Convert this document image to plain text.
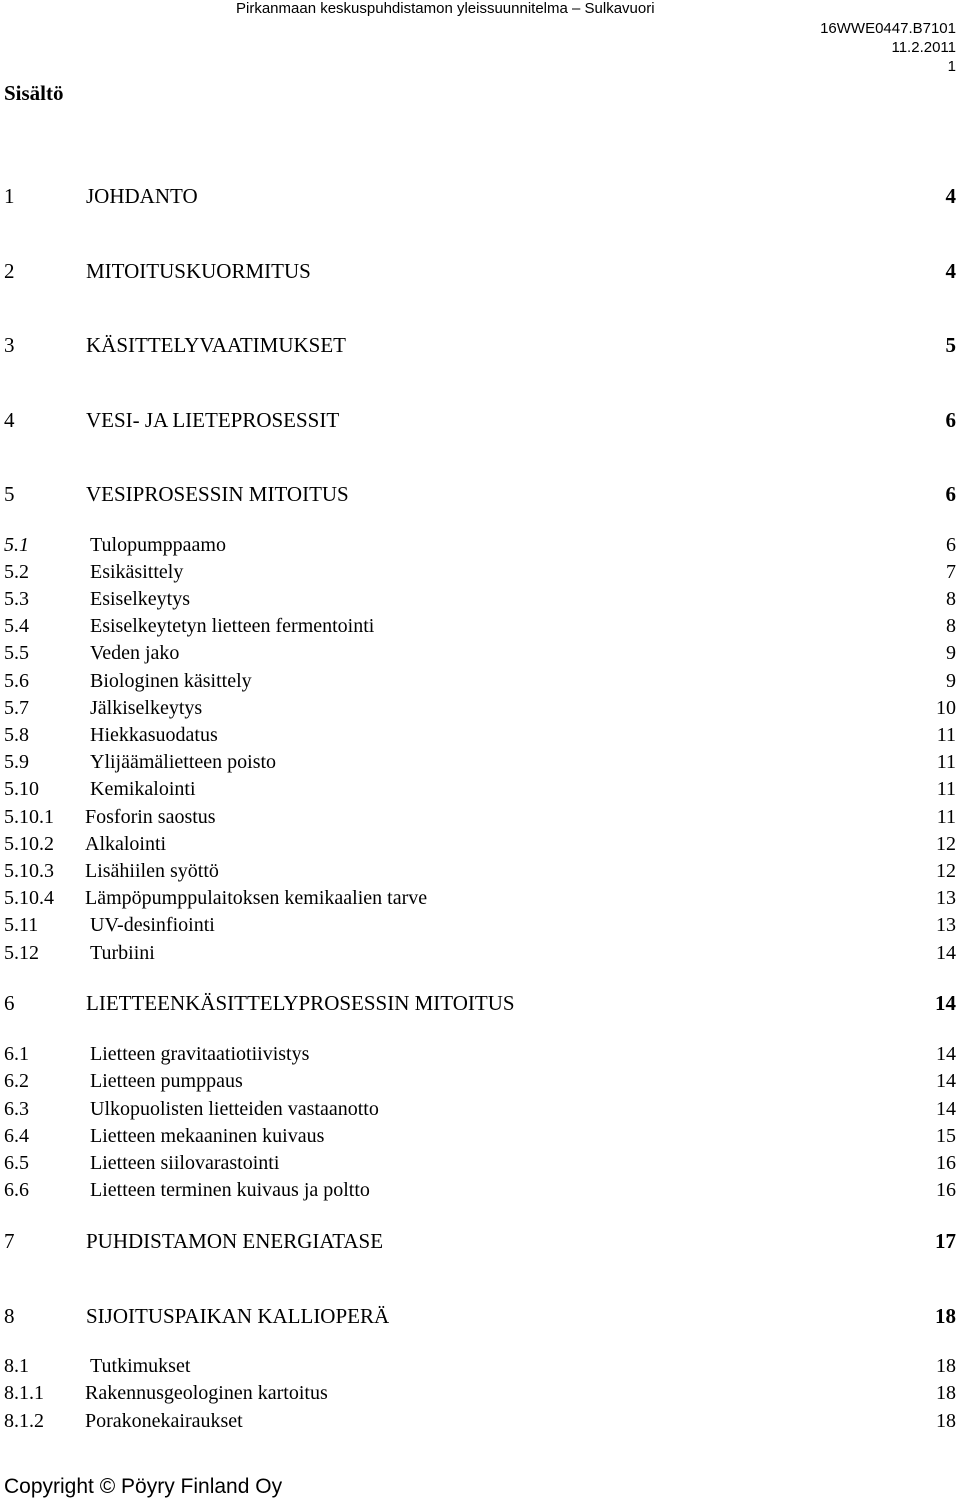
Pirkanmaan keskuspuhdistamon yleissuunnitelma – Sulkavuori
16WWE0447.B7101
11.2.2011
1
Sisältö
1	JOHDANTO	4
2	MITOITUSKUORMITUS	4
3	KÄSITTELYVAATIMUKSET	5
4	VESI- JA LIETEPROSESSIT	6
5	VESIPROSESSIN MITOITUS	6
5.1	Tulopumppaamo	6
5.2	Esikäsittely	7
5.3	Esiselkeytys	8
5.4	Esiselkeytetyn lietteen fermentointi	8
5.5	Veden jako	9
5.6	Biologinen käsittely	9
5.7	Jälkiselkeytys	10
5.8	Hiekkasuodatus	11
5.9	Ylijäämälietteen poisto	11
5.10	Kemikalointi	11
5.10.1 Fosforin saostus	11
5.10.2 Alkalointi	12
5.10.3 Lisähiilen syöttö	12
5.10.4 Lämpöpumppulaitoksen kemikaalien tarve	13
5.11	UV-desinfiointi	13
5.12	Turbiini	14
6	LIETTEENKÄSITTELYPROSESSIN MITOITUS	14
6.1	Lietteen gravitaatiotiivistys	14
6.2	Lietteen pumppaus	14
6.3	Ulkopuolisten lietteiden vastaanotto	14
6.4	Lietteen mekaaninen kuivaus	15
6.5	Lietteen siilovarastointi	16
6.6	Lietteen terminen kuivaus ja poltto	16
7	PUHDISTAMON ENERGIATASE	17
8	SIJOITUSPAIKAN KALLIOPERÄ	18
8.1	Tutkimukset	18
8.1.1 Rakennusgeologinen kartoitus	18
8.1.2 Porakonekairaukset	18
Copyright © Pöyry Finland Oy
